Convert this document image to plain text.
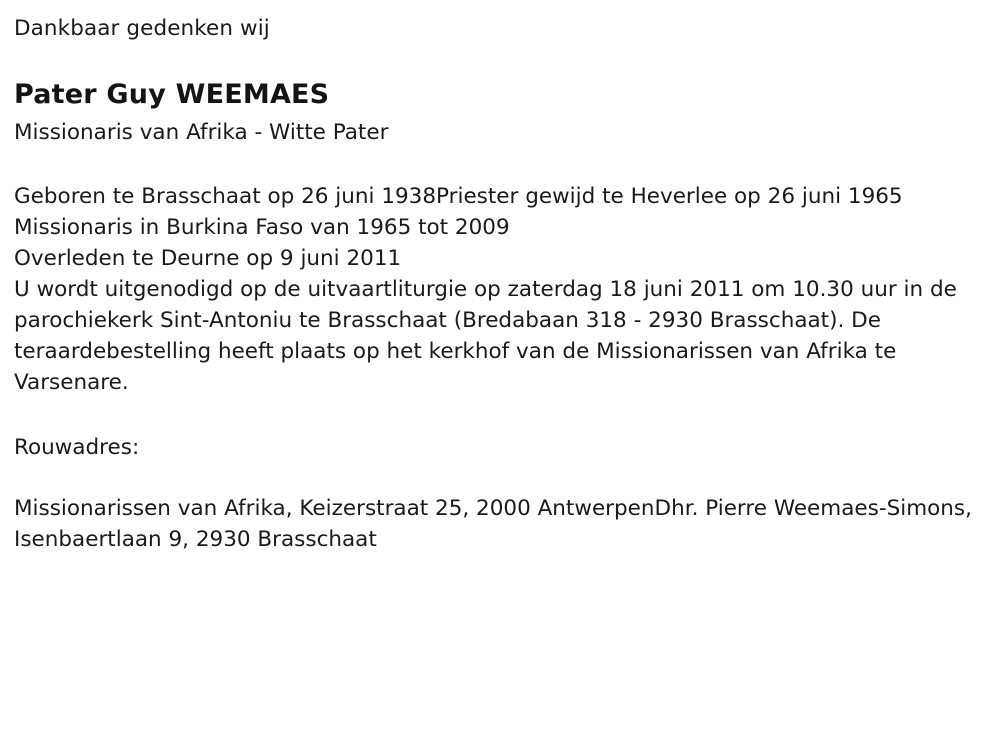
Dankbaar gedenken wij

Pater Guy WEEMAES

Missionaris van Afrika - Witte Pater

Geboren te Brasschaat op 26 juni 1938Priester gewijd te Heverlee op 26 juni 1965

Missionaris in Burkina Faso van 1965 tot 2009

Overleden te Deurne op 9 juni 2011

U wordt uitgenodigd op de uitvaartliturgie op zaterdag 18 juni 2011 om 10.30 uur in de parochiekerk Sint-Antoniu te Brasschaat (Bredabaan 318 - 2930 Brasschaat). De teraardebestelling heeft plaats op het kerkhof van de Missionarissen van Afrika te Varsenare.

Rouwadres:

Missionarissen van Afrika, Keizerstraat 25, 2000 AntwerpenDhr. Pierre Weemaes-Simons, Isenbaertlaan 9, 2930 Brasschaat
